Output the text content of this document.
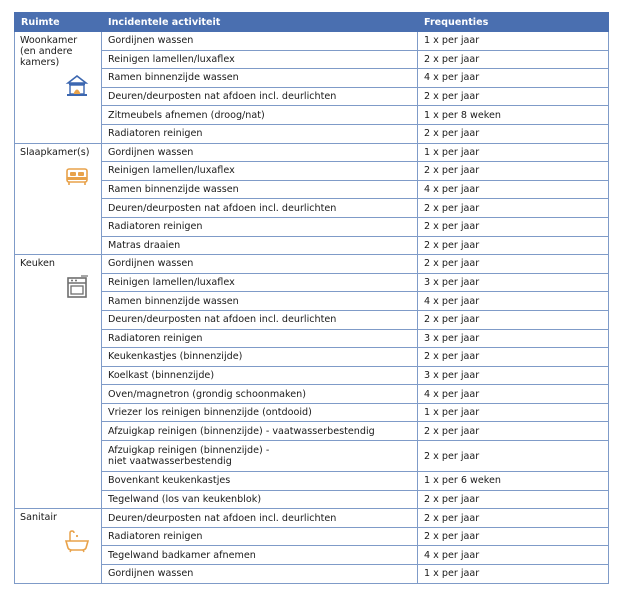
Ruimte	Incidentele activiteit	Frequenties

Woonkamer (en andere kamers)	Gordijnen wassen	1 x per jaar
	Reinigen lamellen/luxaflex	2 x per jaar
	Ramen binnenzijde wassen	4 x per jaar
	Deuren/deurposten nat afdoen incl. deurlichten	2 x per jaar
	Zitmeubels afnemen (droog/nat)	1 x per 8 weken
	Radiatoren reinigen	2 x per jaar

Slaapkamer(s)	Gordijnen wassen	1 x per jaar
	Reinigen lamellen/luxaflex	2 x per jaar
	Ramen binnenzijde wassen	4 x per jaar
	Deuren/deurposten nat afdoen incl. deurlichten	2 x per jaar
	Radiatoren reinigen	2 x per jaar
	Matras draaien	2 x per jaar

Keuken	Gordijnen wassen	2 x per jaar
	Reinigen lamellen/luxaflex	3 x per jaar
	Ramen binnenzijde wassen	4 x per jaar
	Deuren/deurposten nat afdoen incl. deurlichten	2 x per jaar
	Radiatoren reinigen	3 x per jaar
	Keukenkastjes (binnenzijde)	2 x per jaar
	Koelkast (binnenzijde)	3 x per jaar
	Oven/magnetron (grondig schoonmaken)	4 x per jaar
	Vriezer los reinigen binnenzijde (ontdooid)	1 x per jaar
	Afzuigkap reinigen (binnenzijde) - vaatwasserbestendig	2 x per jaar
	Afzuigkap reinigen (binnenzijde) -
niet vaatwasserbestendig	2 x per jaar
	Bovenkant keukenkastjes	1 x per 6 weken
	Tegelwand (los van keukenblok)	2 x per jaar

Sanitair	Deuren/deurposten nat afdoen incl. deurlichten	2 x per jaar
	Radiatoren reinigen	2 x per jaar
	Tegelwand badkamer afnemen	4 x per jaar
	Gordijnen wassen	1 x per jaar
